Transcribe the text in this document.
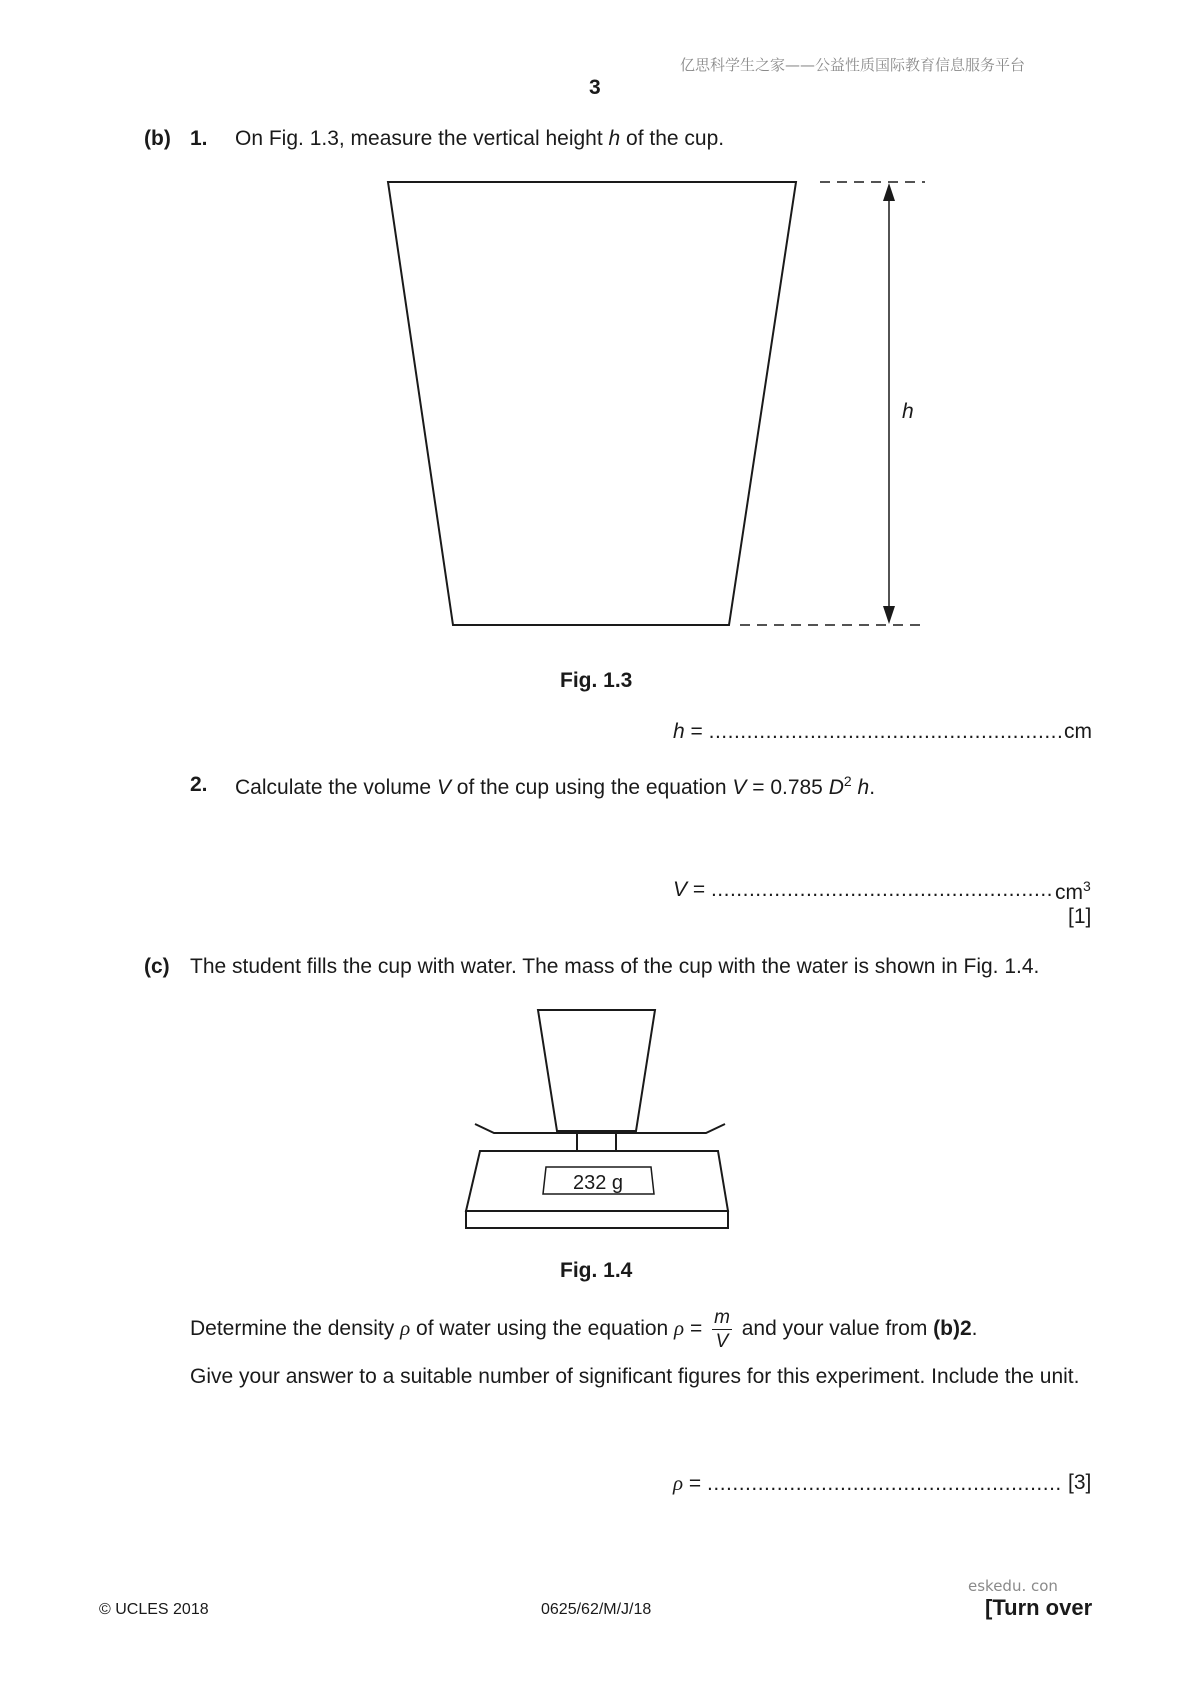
亿思科学生之家——公益性质国际教育信息服务平台
3
(b) 1. On Fig. 1.3, measure the vertical height h of the cup.
h
Fig. 1.3
h = ........................................................ cm
2. Calculate the volume V of the cup using the equation V = 0.785 $D^2$ h.
V = ...................................................... $cm^3$
[1]
(c) The student fills the cup with water. The mass of the cup with the water is shown in Fig. 1.4.
232 g
Fig. 1.4
Determine the density ρ of water using the equation $\rho = \frac{m}{V}$ and your value from (b)2.
Give your answer to a suitable number of significant figures for this experiment. Include the unit.
ρ = ........................................................ [3]
eskedu. con
© UCLES 2018	0625/62/M/J/18	[Turn over
